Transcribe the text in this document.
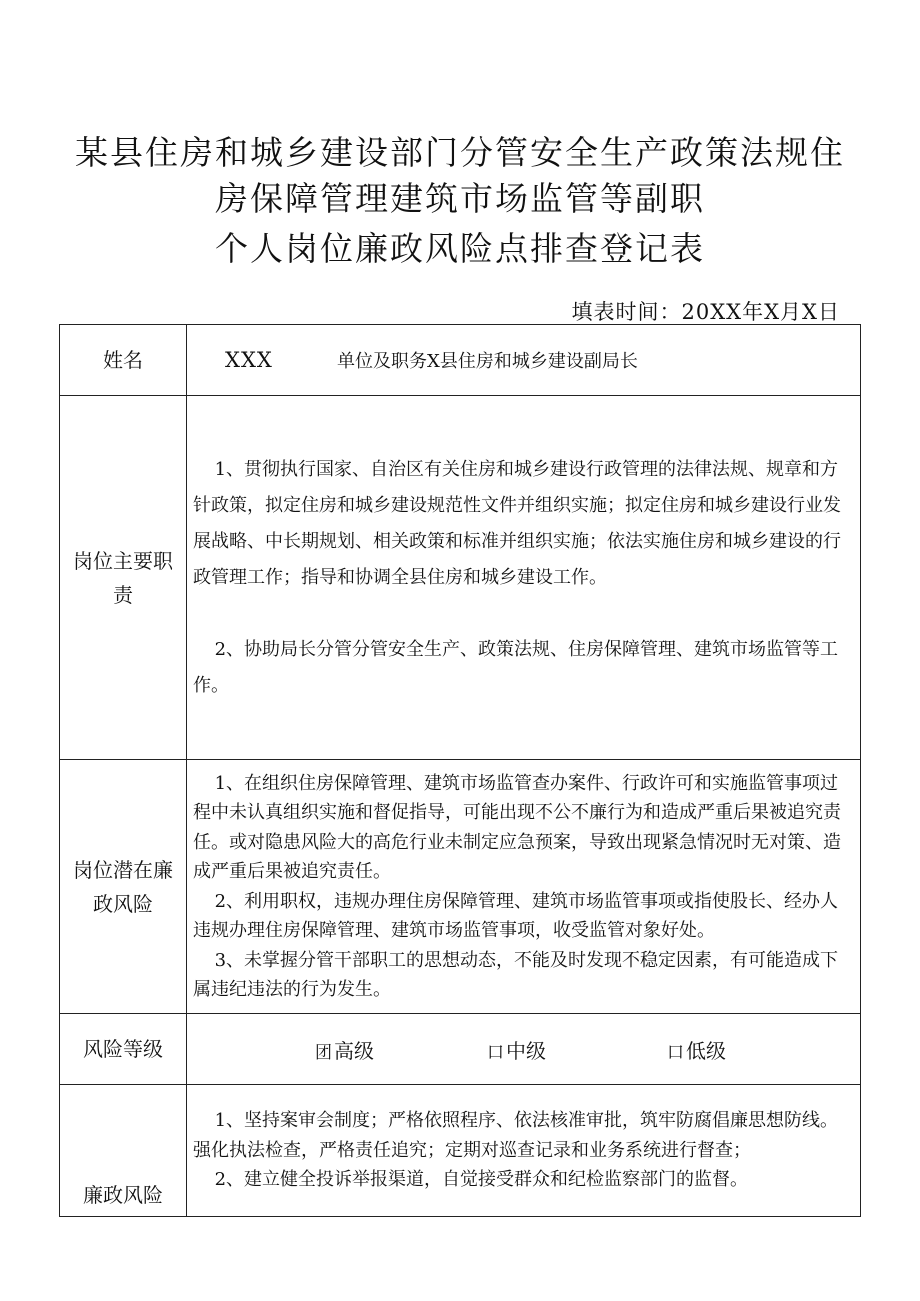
某县住房和城乡建设部门分管安全生产政策法规住
房保障管理建筑市场监管等副职
个人岗位廉政风险点排查登记表
填表时间：20XX年X月X日
姓名	XXX 单位及职务X县住房和城乡建设副局长
岗位主要职责	1、贯彻执行国家、自治区有关住房和城乡建设行政管理的法律法规、规章和方针政策，拟定住房和城乡建设规范性文件并组织实施；拟定住房和城乡建设行业发展战略、中长期规划、相关政策和标准并组织实施；依法实施住房和城乡建设的行政管理工作；指导和协调全县住房和城乡建设工作。

2、协助局长分管分管安全生产、政策法规、住房保障管理、建筑市场监管等工作。

岗位潜在廉政风险	1、在组织住房保障管理、建筑市场监管查办案件、行政许可和实施监管事项过程中未认真组织实施和督促指导，可能出现不公不廉行为和造成严重后果被追究责任。或对隐患风险大的高危行业未制定应急预案，导致出现紧急情况时无对策、造成严重后果被追究责任。

2、利用职权，违规办理住房保障管理、建筑市场监管事项或指使股长、经办人违规办理住房保障管理、建筑市场监管事项，收受监管对象好处。

3、未掌握分管干部职工的思想动态，不能及时发现不稳定因素，有可能造成下属违纪违法的行为发生。

风险等级	团 高级 口 中级 口 低级
廉政风险	1、坚持案审会制度；严格依照程序、依法核准审批，筑牢防腐倡廉思想防线。强化执法检查，严格责任追究；定期对巡查记录和业务系统进行督查；

2、建立健全投诉举报渠道，自觉接受群众和纪检监察部门的监督。
